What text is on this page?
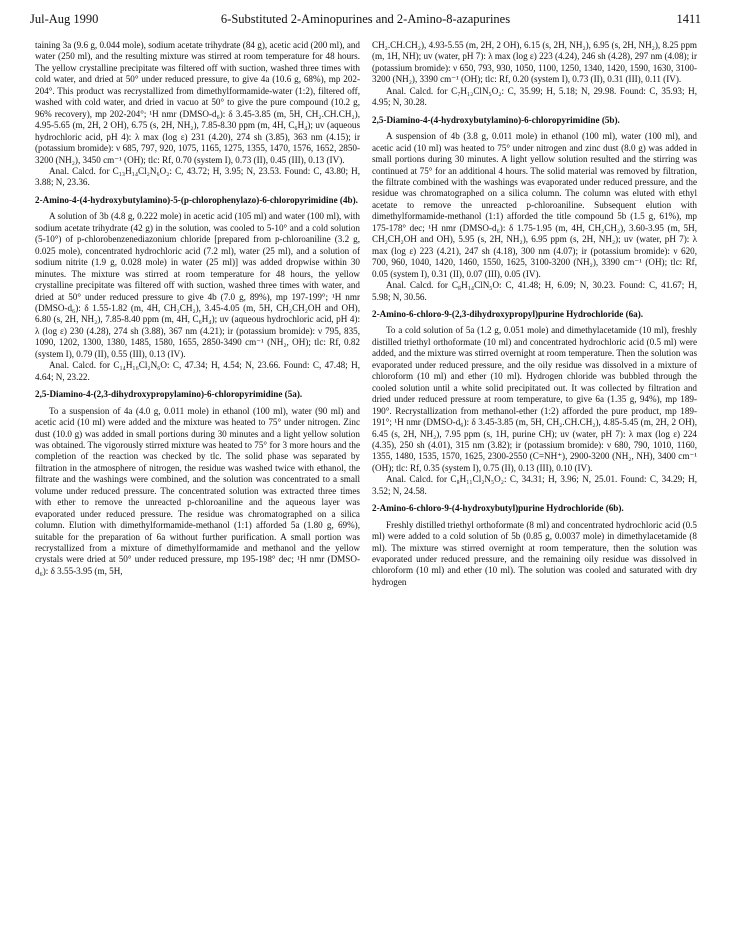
Jul-Aug 1990	6-Substituted 2-Aminopurines and 2-Amino-8-azapurines	1411

taining 3a (9.6 g, 0.044 mole), sodium acetate trihydrate (84 g), acetic acid (200 ml), and water (250 ml), and the resulting mixture was stirred at room temperature for 48 hours. The yellow crystalline precipitate was filtered off with suction, washed three times with cold water, and dried at 50° under reduced pressure, to give 4a (10.6 g, 68%), mp 202-204°. This product was recrystallized from dimethylformamide-water (1:2), filtered off, washed with cold water, and dried in vacuo at 50° to give the pure compound (10.2 g, 96% recovery), mp 202-204°; ¹H nmr (DMSO-d₆): δ 3.45-3.85 (m, 5H, CH₂.CH.CH₂), 4.95-5.65 (m, 2H, 2 OH), 6.75 (s, 2H, NH₂), 7.85-8.30 ppm (m, 4H, C₆H₄); uv (aqueous hydrochloric acid, pH 4): λ max (log ε) 231 (4.20), 274 sh (3.85), 363 nm (4.15); ir (potassium bromide): ν 685, 797, 920, 1075, 1165, 1275, 1355, 1470, 1576, 1652, 2850-3200 (NH₂), 3450 cm⁻¹ (OH); tlc: Rf, 0.70 (system I), 0.73 (II), 0.45 (III), 0.13 (IV).

Anal. Calcd. for C₁₃H₁₄Cl₂N₆O₂: C, 43.72; H, 3.95; N, 23.53. Found: C, 43.80; H, 3.88; N, 23.36.

2-Amino-4-(4-hydroxybutylamino)-5-(p-chlorophenylazo)-6-chloropyrimidine (4b).

A solution of 3b (4.8 g, 0.222 mole) in acetic acid (105 ml) and water (100 ml), with sodium acetate trihydrate (42 g) in the solution, was cooled to 5-10° and a cold solution (5-10°) of p-chlorobenzenediazonium chloride [prepared from p-chloroaniline (3.2 g, 0.025 mole), concentrated hydrochloric acid (7.2 ml), water (25 ml), and a solution of sodium nitrite (1.9 g, 0.028 mole) in water (25 ml)] was added dropwise within 30 minutes. The mixture was stirred at room temperature for 48 hours, the yellow crystalline precipitate was filtered off with suction, washed three times with water, and dried at 50° under reduced pressure to give 4b (7.0 g, 89%), mp 197-199°; ¹H nmr (DMSO-d₆): δ 1.55-1.82 (m, 4H, CH₂CH₂), 3.45-4.05 (m, 5H, CH₂CH₂OH and OH), 6.80 (s, 2H, NH₂), 7.85-8.40 ppm (m, 4H, C₆H₄); uv (aqueous hydrochloric acid, pH 4): λ (log ε) 230 (4.28), 274 sh (3.88), 367 nm (4.21); ir (potassium bromide): ν 795, 835, 1090, 1202, 1300, 1380, 1485, 1580, 1655, 2850-3490 cm⁻¹ (NH₂, OH); tlc: Rf, 0.82 (system I), 0.79 (II), 0.55 (III), 0.13 (IV).

Anal. Calcd. for C₁₄H₁₆Cl₂N₆O: C, 47.34; H, 4.54; N, 23.66. Found: C, 47.48; H, 4.64; N, 23.22.

2,5-Diamino-4-(2,3-dihydroxypropylamino)-6-chloropyrimidine (5a).

To a suspension of 4a (4.0 g, 0.011 mole) in ethanol (100 ml), water (90 ml) and acetic acid (10 ml) were added and the mixture was heated to 75° under nitrogen. Zinc dust (10.0 g) was added in small portions during 30 minutes and a light yellow solution was obtained. The vigorously stirred mixture was heated to 75° for 3 more hours and the completion of the reaction was checked by tlc. The solid phase was separated by filtration in the atmosphere of nitrogen, the residue was washed twice with ethanol, the filtrate and the washings were combined, and the solution was concentrated to a small volume under reduced pressure. The concentrated solution was extracted three times with ether to remove the unreacted p-chloroaniline and the aqueous layer was evaporated under reduced pressure. The residue was chromatographed on a silica column. Elution with dimethylformamide-methanol (1:1) afforded 5a (1.80 g, 69%), suitable for the preparation of 6a without further purification. A small portion was recrystallized from a mixture of dimethylformamide and methanol and the yellow crystals were dried at 50° under reduced pressure, mp 195-198° dec; ¹H nmr (DMSO-d₆): δ 3.55-3.95 (m, 5H,

CH₂.CH.CH₂), 4.93-5.55 (m, 2H, 2 OH), 6.15 (s, 2H, NH₂), 6.95 (s, 2H, NH₂), 8.25 ppm (m, 1H, NH); uv (water, pH 7): λ max (log ε) 223 (4.24), 246 sh (4.28), 297 nm (4.08); ir (potassium bromide): ν 650, 793, 930, 1050, 1100, 1250, 1340, 1420, 1590, 1630, 3100-3200 (NH₂), 3390 cm⁻¹ (OH); tlc: Rf, 0.20 (system I), 0.73 (II), 0.31 (III), 0.11 (IV).

Anal. Calcd. for C₇H₁₂ClN₅O₂: C, 35.99; H, 5.18; N, 29.98. Found: C, 35.93; H, 4.95; N, 30.28.

2,5-Diamino-4-(4-hydroxybutylamino)-6-chloropyrimidine (5b).

A suspension of 4b (3.8 g, 0.011 mole) in ethanol (100 ml), water (100 ml), and acetic acid (10 ml) was heated to 75° under nitrogen and zinc dust (8.0 g) was added in small portions during 30 minutes. A light yellow solution resulted and the stirring was continued at 75° for an additional 4 hours. The solid material was removed by filtration, the filtrate combined with the washings was evaporated under reduced pressure, and the residue was chromatographed on a silica column. The column was eluted with ethyl acetate to remove the unreacted p-chloroaniline. Subsequent elution with dimethylformamide-methanol (1:1) afforded the title compound 5b (1.5 g, 61%), mp 175-178° dec; ¹H nmr (DMSO-d₆): δ 1.75-1.95 (m, 4H, CH₂CH₂), 3.60-3.95 (m, 5H, CH₂CH₂OH and OH), 5.95 (s, 2H, NH₂), 6.95 ppm (s, 2H, NH₂); uv (water, pH 7): λ max (log ε) 223 (4.21), 247 sh (4.18), 300 nm (4.07); ir (potassium bromide): ν 620, 700, 960, 1040, 1420, 1460, 1550, 1625, 3100-3200 (NH₂), 3390 cm⁻¹ (OH); tlc: Rf, 0.05 (system I), 0.31 (II), 0.07 (III), 0.05 (IV).

Anal. Calcd. for C₈H₁₄ClN₅O: C, 41.48; H, 6.09; N, 30.23. Found: C, 41.67; H, 5.98; N, 30.56.

2-Amino-6-chloro-9-(2,3-dihydroxypropyl)purine Hydrochloride (6a).

To a cold solution of 5a (1.2 g, 0.051 mole) and dimethylacetamide (10 ml), freshly distilled triethyl orthoformate (10 ml) and concentrated hydrochloric acid (0.5 ml) were added, and the mixture was stirred overnight at room temperature. Then the solution was evaporated under reduced pressure, and the oily residue was dissolved in a mixture of chloroform (10 ml) and ether (10 ml). Hydrogen chloride was bubbled through the cooled solution until a white solid precipitated out. It was collected by filtration and dried under reduced pressure at room temperature, to give 6a (1.35 g, 94%), mp 189-190°. Recrystallization from methanol-ether (1:2) afforded the pure product, mp 189-191°; ¹H nmr (DMSO-d₆): δ 3.45-3.85 (m, 5H, CH₂.CH.CH₂), 4.85-5.45 (m, 2H, 2 OH), 6.45 (s, 2H, NH₂), 7.95 ppm (s, 1H, purine CH); uv (water, pH 7): λ max (log ε) 224 (4.35), 250 sh (4.01), 315 nm (3.82); ir (potassium bromide): ν 680, 790, 1010, 1160, 1355, 1480, 1535, 1570, 1625, 2300-2550 (C=NH⁺), 2900-3200 (NH₂, NH), 3400 cm⁻¹ (OH); tlc: Rf, 0.35 (system I), 0.75 (II), 0.13 (III), 0.10 (IV).

Anal. Calcd. for C₈H₁₁Cl₂N₅O₂: C, 34.31; H, 3.96; N, 25.01. Found: C, 34.29; H, 3.52; N, 24.58.

2-Amino-6-chloro-9-(4-hydroxybutyl)purine Hydrochloride (6b).

Freshly distilled triethyl orthoformate (8 ml) and concentrated hydrochloric acid (0.5 ml) were added to a cold solution of 5b (0.85 g, 0.0037 mole) in dimethylacetamide (8 ml). The mixture was stirred overnight at room temperature, then the solution was evaporated under reduced pressure, and the remaining oily residue was dissolved in chloroform (10 ml) and ether (10 ml). The solution was cooled and saturated with dry hydrogen
